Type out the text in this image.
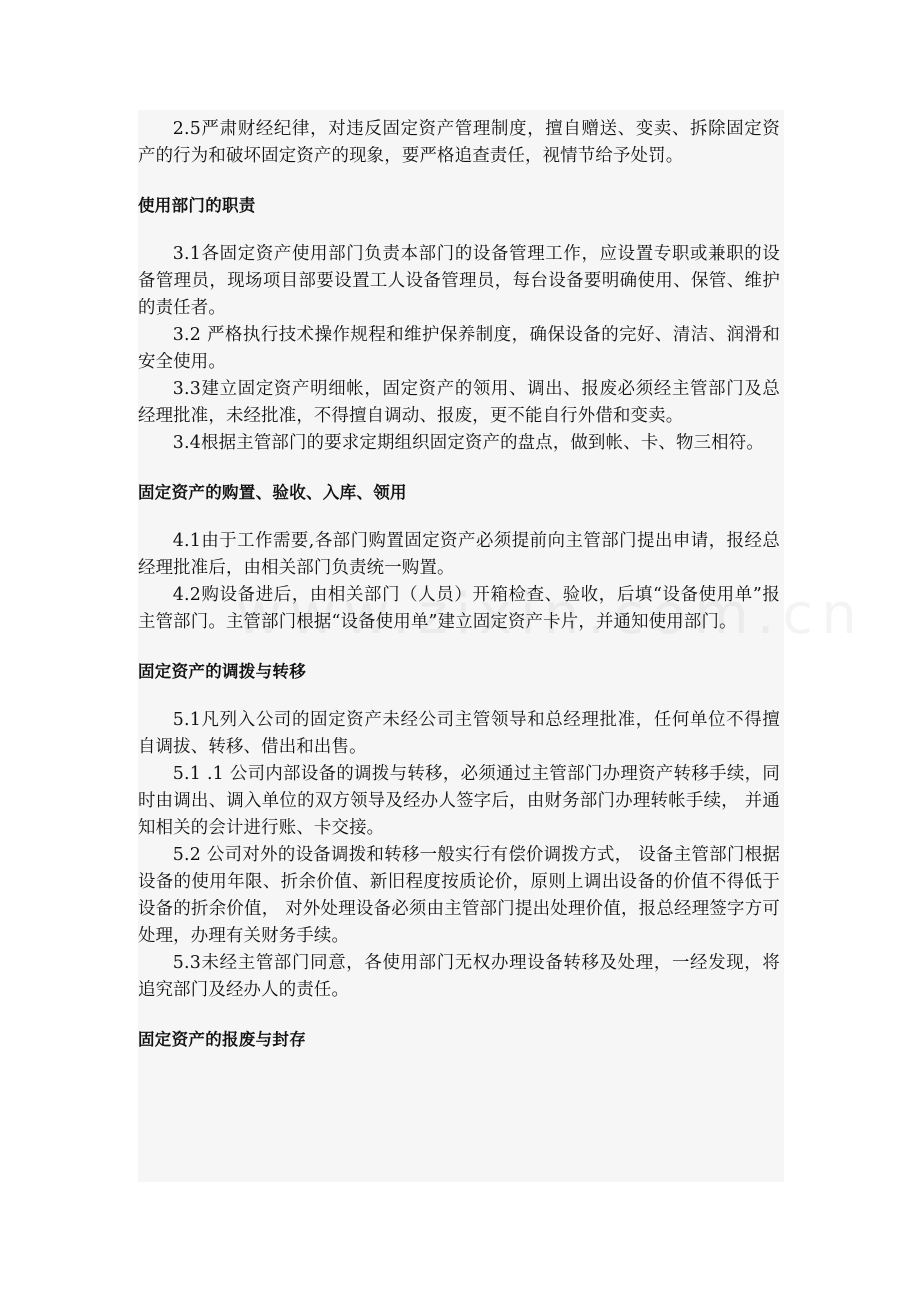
2.5严肃财经纪律，对违反固定资产管理制度，擅自赠送、变卖、拆除固定资产的行为和破坏固定资产的现象，要严格追查责任，视情节给予处罚。

使用部门的职责

3.1各固定资产使用部门负责本部门的设备管理工作，应设置专职或兼职的设备管理员，现场项目部要设置工人设备管理员，每台设备要明确使用、保管、维护的责任者。

3.2 严格执行技术操作规程和维护保养制度，确保设备的完好、清洁、润滑和安全使用。

3.3建立固定资产明细帐，固定资产的领用、调出、报废必须经主管部门及总经理批准，未经批准，不得擅自调动、报废，更不能自行外借和变卖。

3.4根据主管部门的要求定期组织固定资产的盘点，做到帐、卡、物三相符。

固定资产的购置、验收、入库、领用

4.1由于工作需要,各部门购置固定资产必须提前向主管部门提出申请，报经总经理批准后，由相关部门负责统一购置。

4.2购设备进后，由相关部门（人员）开箱检查、验收，后填“设备使用单”报主管部门。主管部门根据“设备使用单”建立固定资产卡片，并通知使用部门。

固定资产的调拨与转移

5.1凡列入公司的固定资产未经公司主管领导和总经理批准，任何单位不得擅自调拔、转移、借出和出售。

5.1 .1 公司内部设备的调拨与转移，必须通过主管部门办理资产转移手续，同时由调出、调入单位的双方领导及经办人签字后，由财务部门办理转帐手续， 并通知相关的会计进行账、卡交接。

5.2 公司对外的设备调拨和转移一般实行有偿价调拨方式， 设备主管部门根据设备的使用年限、折余价值、新旧程度按质论价，原则上调出设备的价值不得低于设备的折余价值， 对外处理设备必须由主管部门提出处理价值，报总经理签字方可处理，办理有关财务手续。

5.3未经主管部门同意，各使用部门无权办理设备转移及处理，一经发现，将追究部门及经办人的责任。

固定资产的报废与封存
